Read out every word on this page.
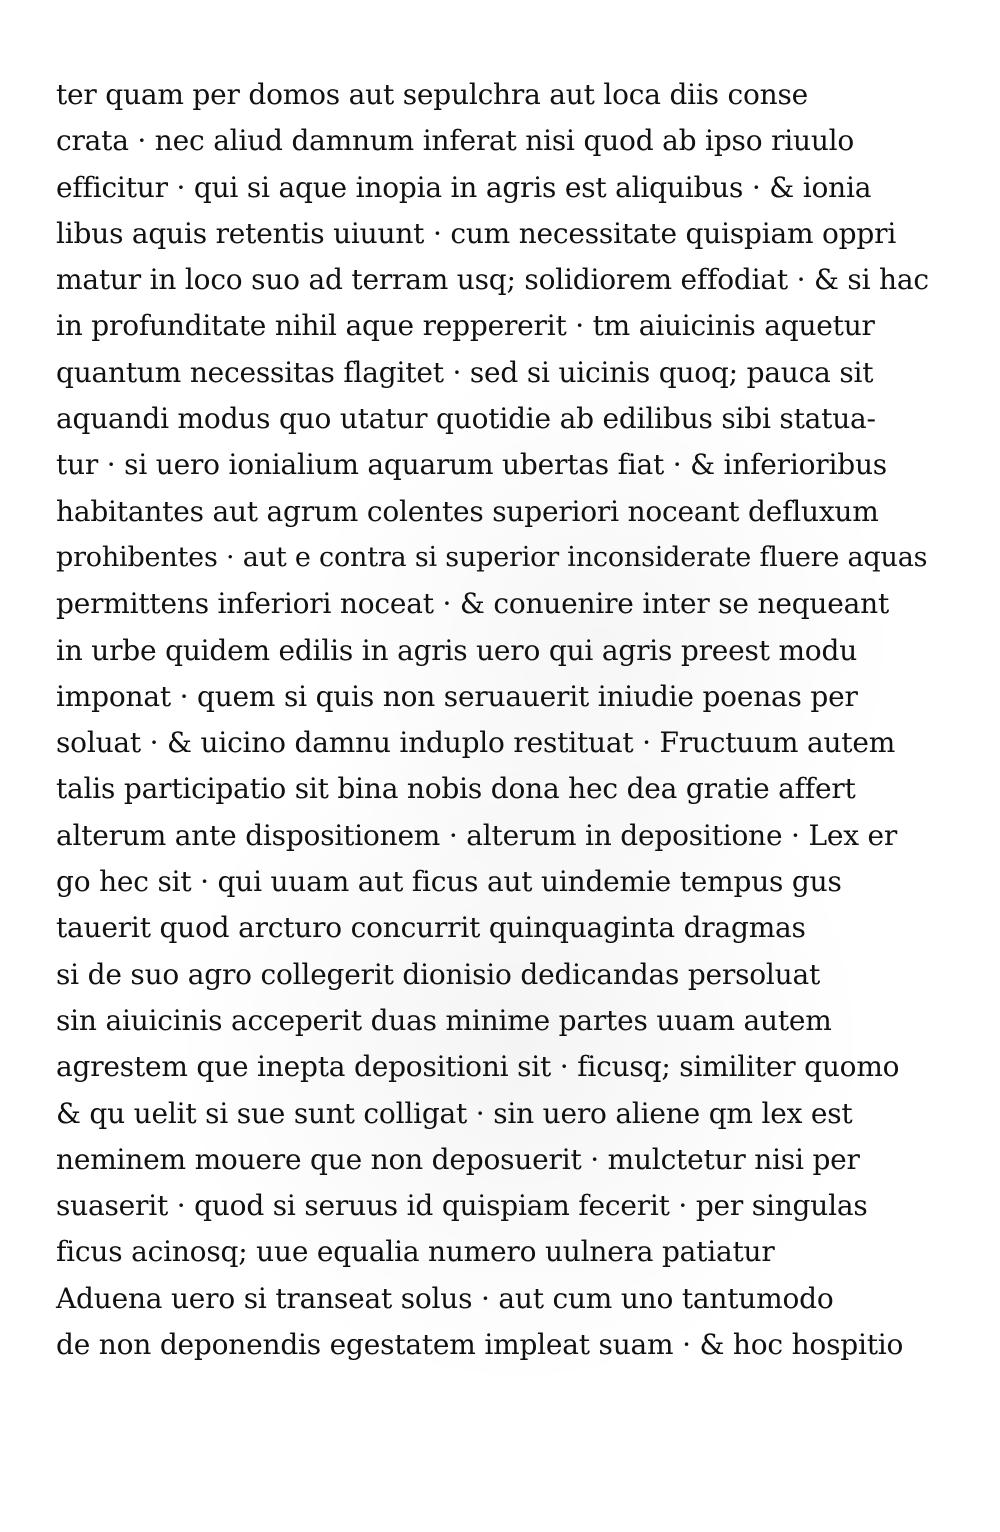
ter quam per domos aut sepulchra aut loca diis conse
crata · nec aliud damnum inferat nisi quod ab ipso riuulo
efficitur · qui si aque inopia in agris est aliquibus · & ionia
libus aquis retentis uiuunt · cum necessitate quispiam oppri
matur in loco suo ad terram usq; solidiorem effodiat · & si hac
in profunditate nihil aque reppererit · tm aiuicinis aquetur
quantum necessitas flagitet · sed si uicinis quoq; pauca sit
aquandi modus quo utatur quotidie ab edilibus sibi statua-
tur · si uero ionialium aquarum ubertas fiat · & inferioribus
habitantes aut agrum colentes superiori noceant defluxum
prohibentes · aut e contra si superior inconsiderate fluere aquas
permittens inferiori noceat · & conuenire inter se nequeant
in urbe quidem edilis in agris uero qui agris preest modu
imponat · quem si quis non seruauerit iniudie poenas per
soluat · & uicino damnu induplo restituat · Fructuum autem
talis participatio sit bina nobis dona hec dea gratie affert
alterum ante dispositionem · alterum in depositione · Lex er
go hec sit · qui uuam aut ficus aut uindemie tempus gus
tauerit quod arcturo concurrit quinquaginta dragmas
si de suo agro collegerit dionisio dedicandas persoluat
sin aiuicinis acceperit duas minime partes uuam autem
agrestem que inepta depositioni sit · ficusq; similiter quomo
& qu uelit si sue sunt colligat · sin uero aliene qm lex est
neminem mouere que non deposuerit · mulctetur nisi per
suaserit · quod si seruus id quispiam fecerit · per singulas
ficus acinosq; uue equalia numero uulnera patiatur
Aduena uero si transeat solus · aut cum uno tantumodo
de non deponendis egestatem impleat suam · & hoc hospitio
